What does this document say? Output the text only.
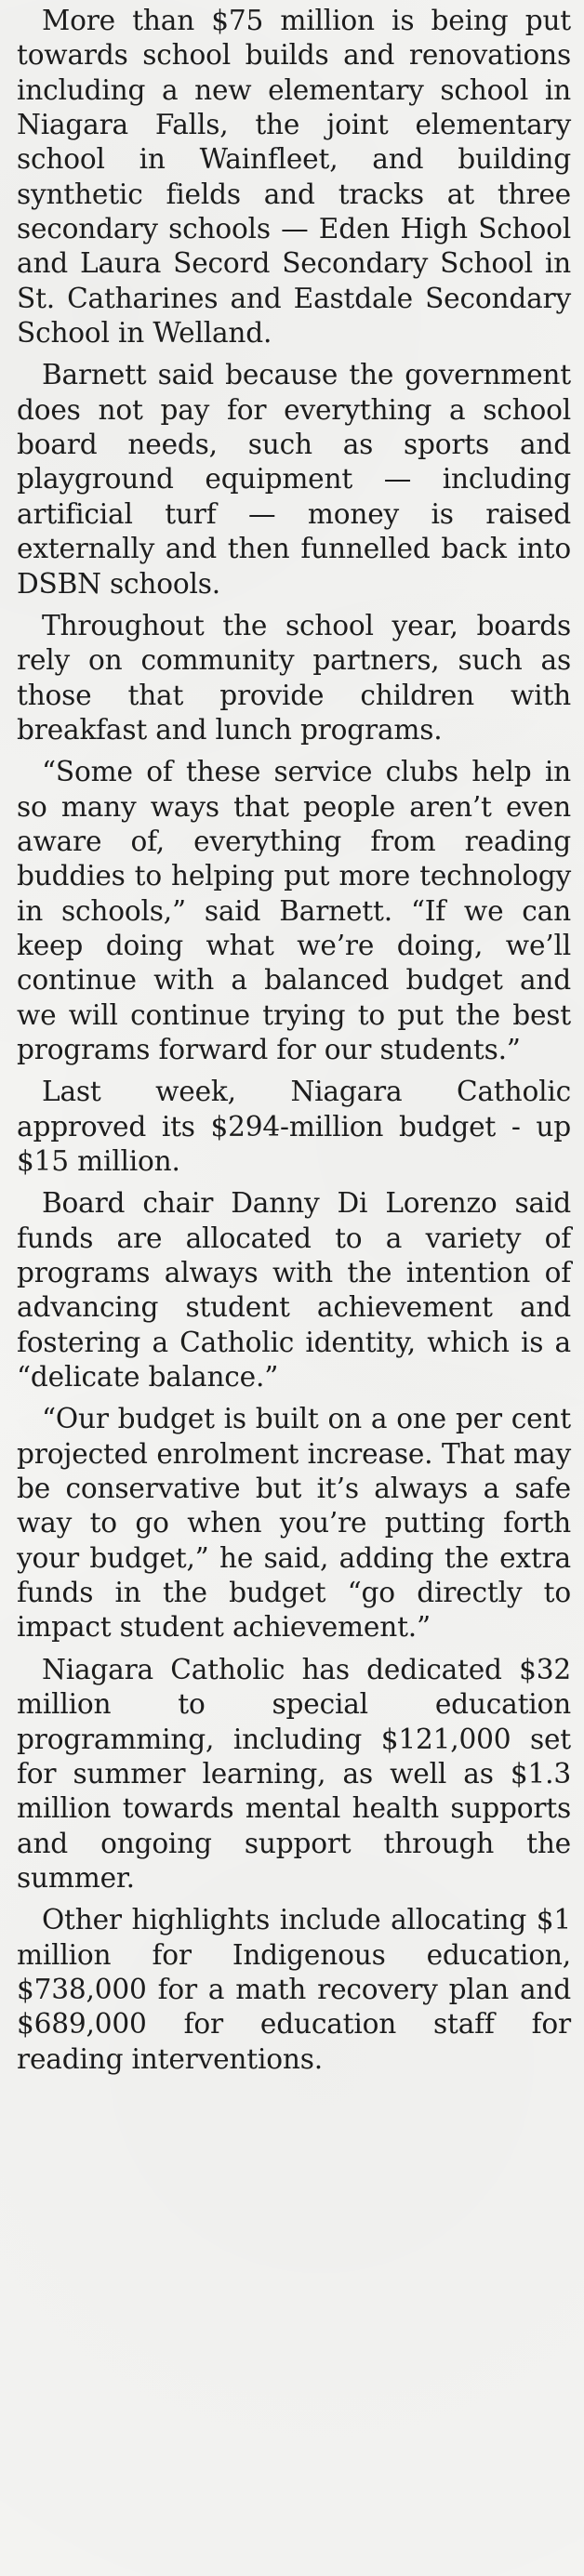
More than $75 million is being put towards school builds and renovations including a new elementary school in Niagara Falls, the joint elementary school in Wainfleet, and building synthetic fields and tracks at three secondary schools — Eden High School and Laura Secord Secondary School in St. Catharines and Eastdale Secondary School in Welland.

Barnett said because the government does not pay for everything a school board needs, such as sports and playground equipment — including artificial turf — money is raised externally and then funnelled back into DSBN schools.

Throughout the school year, boards rely on community partners, such as those that provide children with breakfast and lunch programs.

“Some of these service clubs help in so many ways that people aren’t even aware of, everything from reading buddies to helping put more technology in schools,” said Barnett. “If we can keep doing what we’re doing, we’ll continue with a balanced budget and we will continue trying to put the best programs forward for our students.”

Last week, Niagara Catholic approved its $294-million budget - up $15 million.

Board chair Danny Di Lorenzo said funds are allocated to a variety of programs always with the intention of advancing student achievement and fostering a Catholic identity, which is a “delicate balance.”

“Our budget is built on a one per cent projected enrolment increase. That may be conservative but it’s always a safe way to go when you’re putting forth your budget,” he said, adding the extra funds in the budget “go directly to impact student achievement.”

Niagara Catholic has dedicated $32 million to special education programming, including $121,000 set for summer learning, as well as $1.3 million towards mental health supports and ongoing support through the summer.

Other highlights include allocating $1 million for Indigenous education, $738,000 for a math recovery plan and $689,000 for education staff for reading interventions.
